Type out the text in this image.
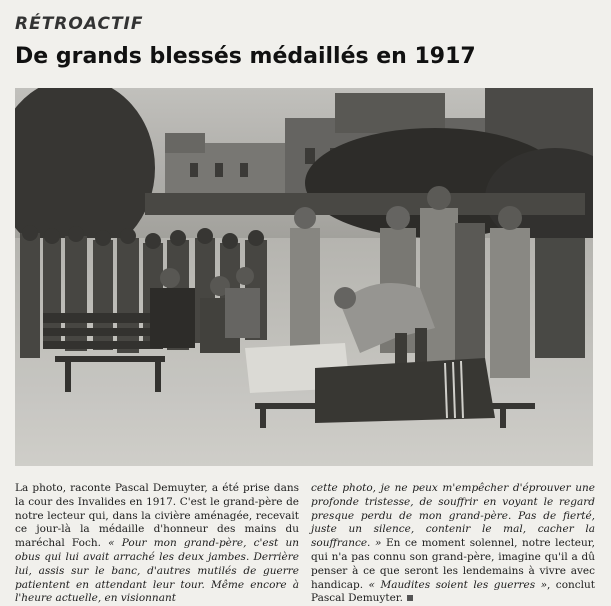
RÉTROACTIF
De grands blessés médaillés en 1917

La photo, raconte Pascal Demuyter, a été prise dans la cour des Invalides en 1917. C'est le grand-père de notre lecteur qui, dans la civière aménagée, recevait ce jour-là la médaille d'honneur des mains du maréchal Foch. « Pour mon grand-père, c'est un obus qui lui avait arraché les deux jambes. Derrière lui, assis sur le banc, d'autres mutilés de guerre patientent en attendant leur tour. Même encore à l'heure actuelle, en visionnant

cette photo, je ne peux m'empêcher d'éprouver une profonde tristesse, de souffrir en voyant le regard presque perdu de mon grand-père. Pas de fierté, juste un silence, contenir le mal, cacher la souffrance. » En ce moment solennel, notre lecteur, qui n'a pas connu son grand-père, imagine qu'il a dû penser à ce que seront les lendemains à vivre avec handicap. « Maudites soient les guerres », conclut Pascal Demuyter.
